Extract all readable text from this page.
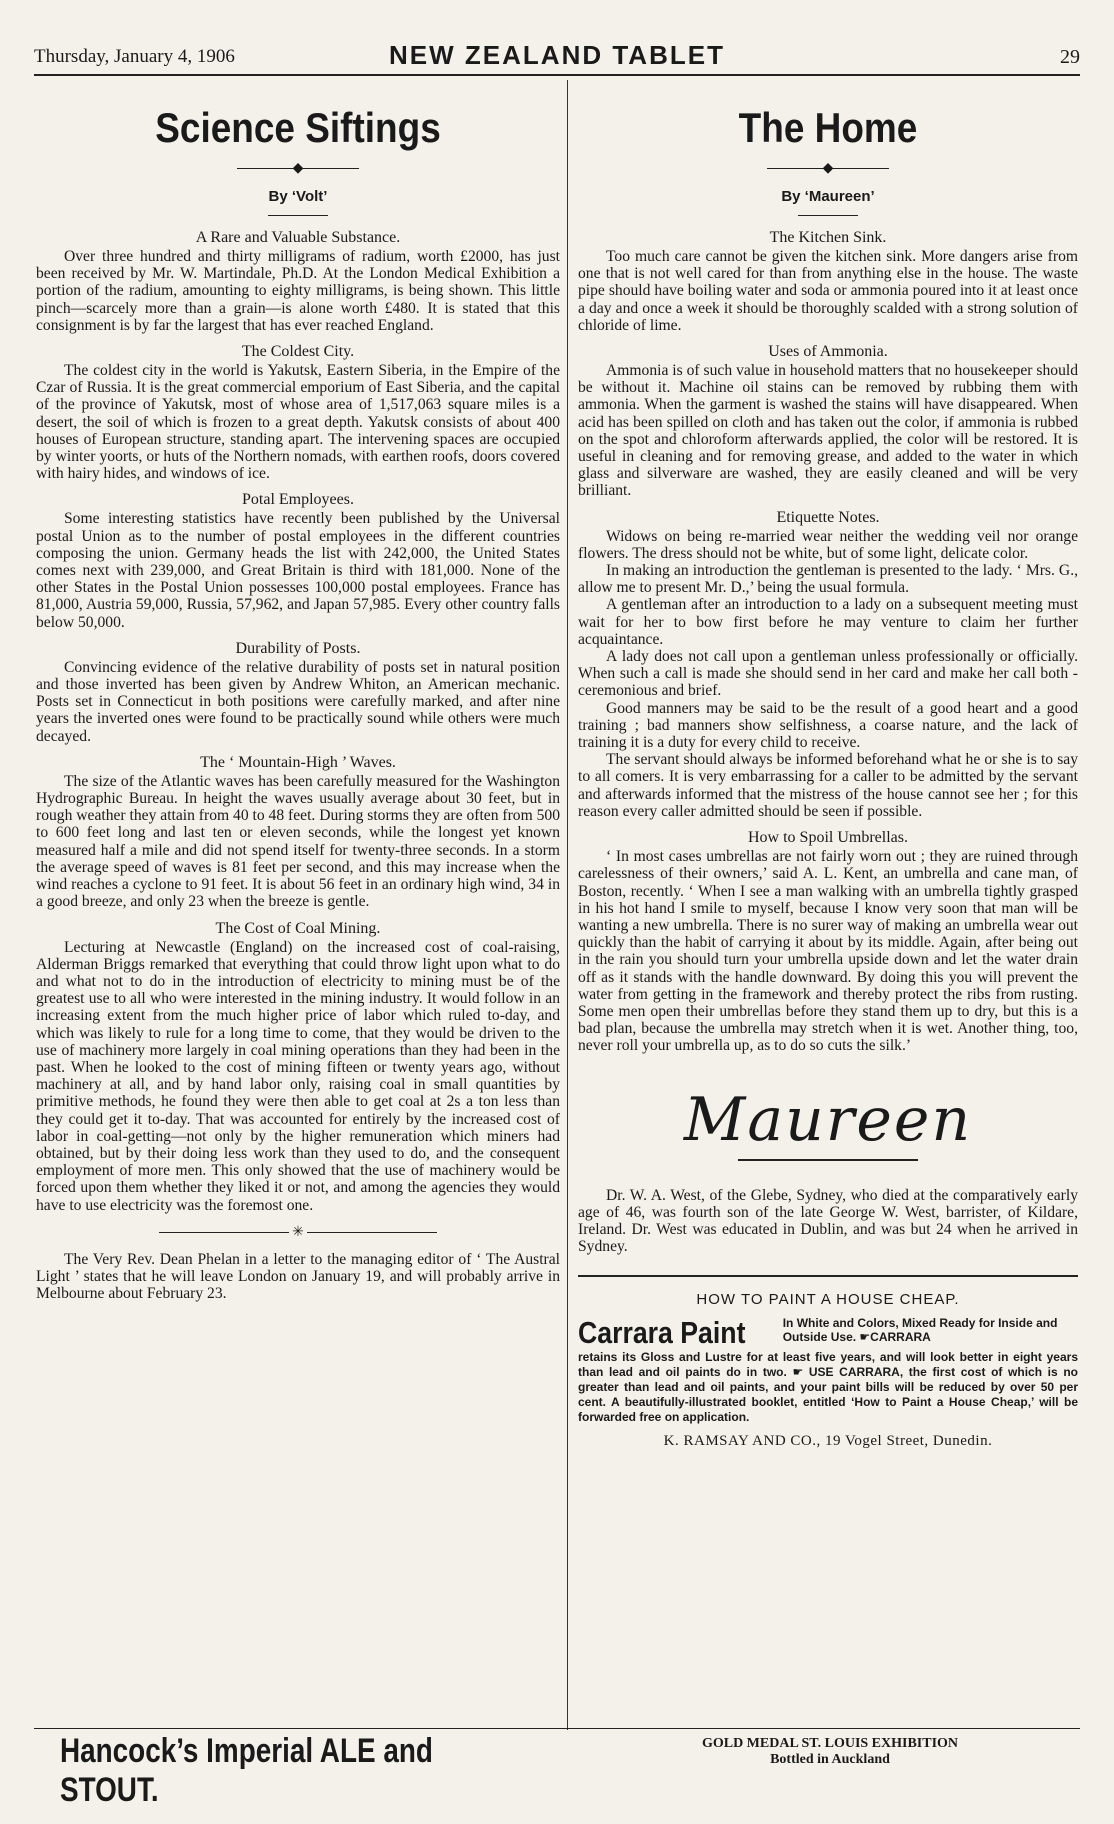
Thursday, January 4, 1906	NEW ZEALAND TABLET	29
Science Siftings
◆
By ‘Volt’
A Rare and Valuable Substance.

Over three hundred and thirty milligrams of radium, worth £2000, has just been received by Mr. W. Martindale, Ph.D. At the London Medical Exhibition a portion of the radium, amounting to eighty milligrams, is being shown. This little pinch—scarcely more than a grain—is alone worth £480. It is stated that this consignment is by far the largest that has ever reached England.

The Coldest City.

The coldest city in the world is Yakutsk, Eastern Siberia, in the Empire of the Czar of Russia. It is the great commercial emporium of East Siberia, and the capital of the province of Yakutsk, most of whose area of 1,517,063 square miles is a desert, the soil of which is frozen to a great depth. Yakutsk consists of about 400 houses of European structure, standing apart. The intervening spaces are occupied by winter yoorts, or huts of the Northern nomads, with earthen roofs, doors covered with hairy hides, and windows of ice.

Potal Employees.

Some interesting statistics have recently been published by the Universal postal Union as to the number of postal employees in the different countries composing the union. Germany heads the list with 242,000, the United States comes next with 239,000, and Great Britain is third with 181,000. None of the other States in the Postal Union possesses 100,000 postal employees. France has 81,000, Austria 59,000, Russia, 57,962, and Japan 57,985. Every other country falls below 50,000.

Durability of Posts.

Convincing evidence of the relative durability of posts set in natural position and those inverted has been given by Andrew Whiton, an American mechanic. Posts set in Connecticut in both positions were carefully marked, and after nine years the inverted ones were found to be practically sound while others were much decayed.

The ‘ Mountain-High ’ Waves.

The size of the Atlantic waves has been carefully measured for the Washington Hydrographic Bureau. In height the waves usually average about 30 feet, but in rough weather they attain from 40 to 48 feet. During storms they are often from 500 to 600 feet long and last ten or eleven seconds, while the longest yet known measured half a mile and did not spend itself for twenty-three seconds. In a storm the average speed of waves is 81 feet per second, and this may increase when the wind reaches a cyclone to 91 feet. It is about 56 feet in an ordinary high wind, 34 in a good breeze, and only 23 when the breeze is gentle.

The Cost of Coal Mining.

Lecturing at Newcastle (England) on the increased cost of coal-raising, Alderman Briggs remarked that everything that could throw light upon what to do and what not to do in the introduction of electricity to mining must be of the greatest use to all who were interested in the mining industry. It would follow in an increasing extent from the much higher price of labor which ruled to-day, and which was likely to rule for a long time to come, that they would be driven to the use of machinery more largely in coal mining operations than they had been in the past. When he looked to the cost of mining fifteen or twenty years ago, without machinery at all, and by hand labor only, raising coal in small quantities by primitive methods, he found they were then able to get coal at 2s a ton less than they could get it to-day. That was accounted for entirely by the increased cost of labor in coal-getting—not only by the higher remuneration which miners had obtained, but by their doing less work than they used to do, and the consequent employment of more men. This only showed that the use of machinery would be forced upon them whether they liked it or not, and among the agencies they would have to use electricity was the foremost one.

✳

The Very Rev. Dean Phelan in a letter to the managing editor of ‘ The Austral Light ’ states that he will leave London on January 19, and will probably arrive in Melbourne about February 23.

The Home
◆
By ‘Maureen’
The Kitchen Sink.

Too much care cannot be given the kitchen sink. More dangers arise from one that is not well cared for than from anything else in the house. The waste pipe should have boiling water and soda or ammonia poured into it at least once a day and once a week it should be thoroughly scalded with a strong solution of chloride of lime.

Uses of Ammonia.

Ammonia is of such value in household matters that no housekeeper should be without it. Machine oil stains can be removed by rubbing them with ammonia. When the garment is washed the stains will have disappeared. When acid has been spilled on cloth and has taken out the color, if ammonia is rubbed on the spot and chloroform afterwards applied, the color will be restored. It is useful in cleaning and for removing grease, and added to the water in which glass and silverware are washed, they are easily cleaned and will be very brilliant.

Etiquette Notes.

Widows on being re-married wear neither the wedding veil nor orange flowers. The dress should not be white, but of some light, delicate color.

In making an introduction the gentleman is presented to the lady. ‘ Mrs. G., allow me to present Mr. D.,’ being the usual formula.

A gentleman after an introduction to a lady on a subsequent meeting must wait for her to bow first before he may venture to claim her further acquaintance.

A lady does not call upon a gentleman unless professionally or officially. When such a call is made she should send in her card and make her call both - ceremonious and brief.

Good manners may be said to be the result of a good heart and a good training ; bad manners show selfishness, a coarse nature, and the lack of training it is a duty for every child to receive.

The servant should always be informed beforehand what he or she is to say to all comers. It is very embarrassing for a caller to be admitted by the servant and afterwards informed that the mistress of the house cannot see her ; for this reason every caller admitted should be seen if possible.

How to Spoil Umbrellas.

‘ In most cases umbrellas are not fairly worn out ; they are ruined through carelessness of their owners,’ said A. L. Kent, an umbrella and cane man, of Boston, recently. ‘ When I see a man walking with an umbrella tightly grasped in his hot hand I smile to myself, because I know very soon that man will be wanting a new umbrella. There is no surer way of making an umbrella wear out quickly than the habit of carrying it about by its middle. Again, after being out in the rain you should turn your umbrella upside down and let the water drain off as it stands with the handle downward. By doing this you will prevent the water from getting in the framework and thereby protect the ribs from rusting. Some men open their umbrellas before they stand them up to dry, but this is a bad plan, because the umbrella may stretch when it is wet. Another thing, too, never roll your umbrella up, as to do so cuts the silk.’

Maureen

Dr. W. A. West, of the Glebe, Sydney, who died at the comparatively early age of 46, was fourth son of the late George W. West, barrister, of Kildare, Ireland. Dr. West was educated in Dublin, and was but 24 when he arrived in Sydney.

HOW TO PAINT A HOUSE CHEAP.
Carrara Paint	In White and Colors, Mixed Ready for Inside and Outside Use. ☛CARRARA
retains its Gloss and Lustre for at least five years, and will look better in eight years than lead and oil paints do in two. ☛ USE CARRARA, the first cost of which is no greater than lead and oil paints, and your paint bills will be reduced by over 50 per cent. A beautifully-illustrated booklet, entitled ‘How to Paint a House Cheap,’ will be forwarded free on application.
K. RAMSAY AND CO., 19 Vogel Street, Dunedin.
Hancock’s Imperial ALE and STOUT.
GOLD MEDAL ST. LOUIS EXHIBITION
Bottled in Auckland
